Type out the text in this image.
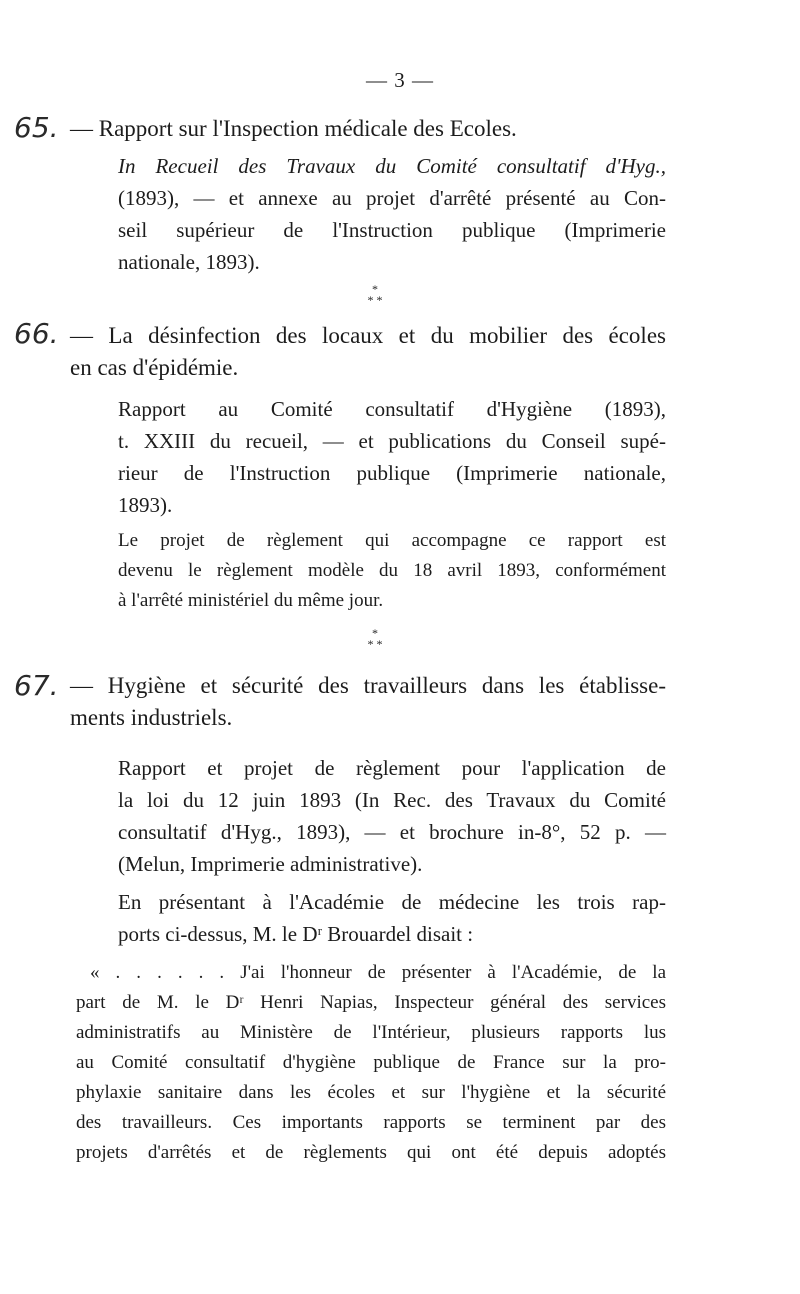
— 3 —
65. — Rapport sur l'Inspection médicale des Ecoles.
In Recueil des Travaux du Comité consultatif d'Hyg.,
(1893), — et annexe au projet d'arrêté présenté au Con-
seil supérieur de l'Instruction publique (Imprimerie
nationale, 1893).
*
* *
66. — La désinfection des locaux et du mobilier des écoles
en cas d'épidémie.
Rapport au Comité consultatif d'Hygiène (1893),
t. XXIII du recueil, — et publications du Conseil supé-
rieur de l'Instruction publique (Imprimerie nationale,
1893).
Le projet de règlement qui accompagne ce rapport est
devenu le règlement modèle du 18 avril 1893, conformément
à l'arrêté ministériel du même jour.
*
* *
67. — Hygiène et sécurité des travailleurs dans les établisse-
ments industriels.
Rapport et projet de règlement pour l'application de
la loi du 12 juin 1893 (In Rec. des Travaux du Comité
consultatif d'Hyg., 1893), — et brochure in-8°, 52 p. —
(Melun, Imprimerie administrative).
En présentant à l'Académie de médecine les trois rap-
ports ci-dessus, M. le Dʳ Brouardel disait :
« . . . . . . J'ai l'honneur de présenter à l'Académie, de la
part de M. le Dʳ Henri Napias, Inspecteur général des services
administratifs au Ministère de l'Intérieur, plusieurs rapports lus
au Comité consultatif d'hygiène publique de France sur la pro-
phylaxie sanitaire dans les écoles et sur l'hygiène et la sécurité
des travailleurs. Ces importants rapports se terminent par des
projets d'arrêtés et de règlements qui ont été depuis adoptés
